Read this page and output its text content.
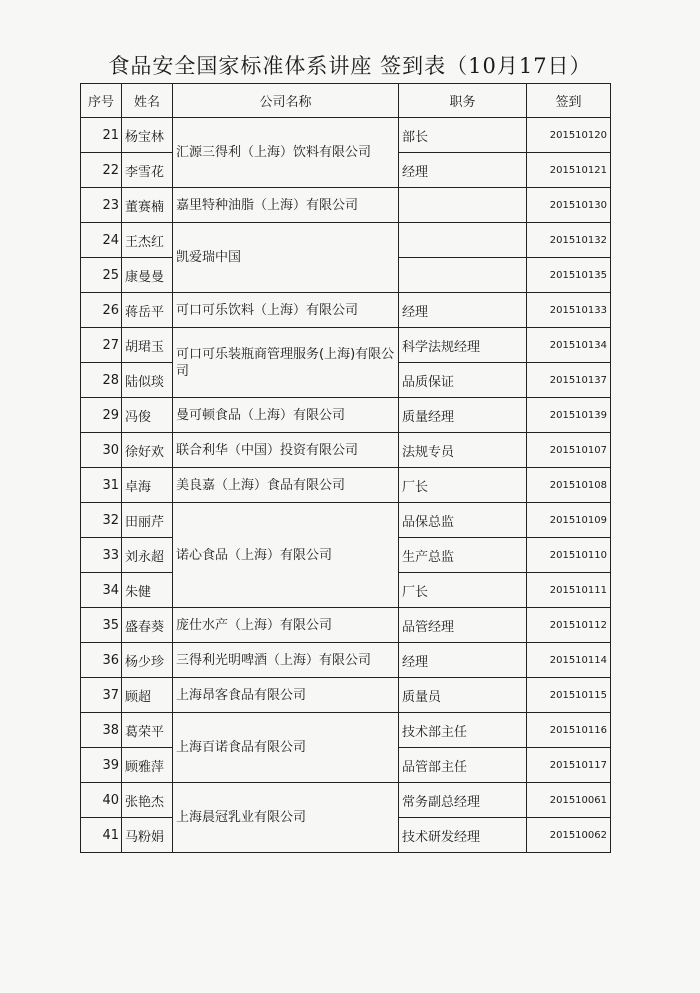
食品安全国家标准体系讲座 签到表（10月17日）
序号	姓名	公司名称	职务	签到
21	杨宝林	汇源三得利（上海）饮料有限公司	部长	201510120
22	李雪花		经理	201510121
23	董赛楠	嘉里特种油脂（上海）有限公司		201510130
24	王杰红	凯爱瑞中国		201510132
25	康曼曼			201510135
26	蒋岳平	可口可乐饮料（上海）有限公司	经理	201510133
27	胡珺玉	可口可乐装瓶商管理服务(上海)有限公司	科学法规经理	201510134
28	陆似琰		品质保证	201510137
29	冯俊	曼可顿食品（上海）有限公司	质量经理	201510139
30	徐好欢	联合利华（中国）投资有限公司	法规专员	201510107
31	卓海	美良嘉（上海）食品有限公司	厂长	201510108
32	田丽芹	诺心食品（上海）有限公司	品保总监	201510109
33	刘永超		生产总监	201510110
34	朱健		厂长	201510111
35	盛春葵	庞仕水产（上海）有限公司	品管经理	201510112
36	杨少珍	三得利光明啤酒（上海）有限公司	经理	201510114
37	顾超	上海昂客食品有限公司	质量员	201510115
38	葛荣平	上海百诺食品有限公司	技术部主任	201510116
39	顾雅萍		品管部主任	201510117
40	张艳杰	上海晨冠乳业有限公司	常务副总经理	201510061
41	马粉娟		技术研发经理	201510062
